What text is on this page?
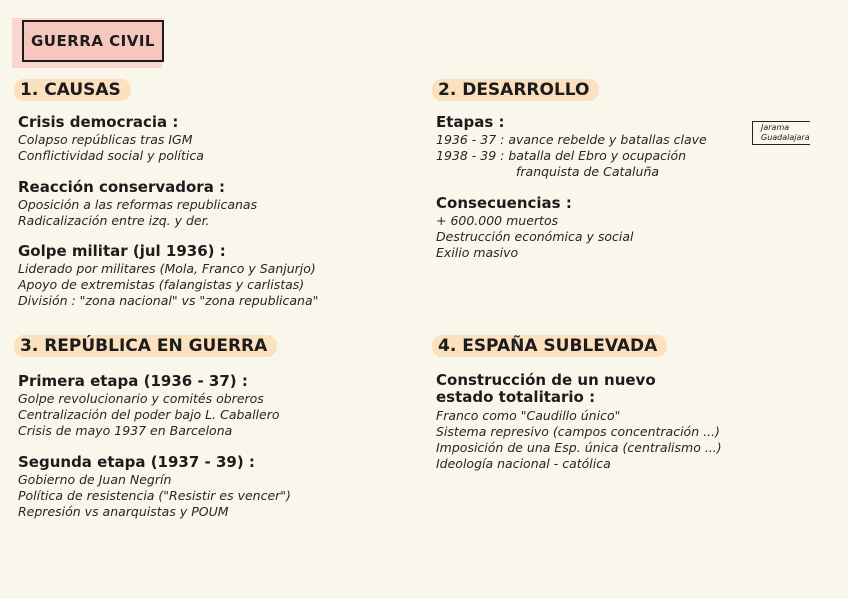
GUERRA CIVIL
1. CAUSAS
Crisis democracia :
Colapso repúblicas tras IGM
Conflictividad social y política
Reacción conservadora :
Oposición a las reformas republicanas
Radicalización entre izq. y der.
Golpe militar (jul 1936) :
Liderado por militares (Mola, Franco y Sanjurjo)
Apoyo de extremistas (falangistas y carlistas)
División : "zona nacional" vs "zona republicana"
2. DESARROLLO
Etapas :
1936 - 37 : avance rebelde y batallas clave
1938 - 39 : batalla del Ebro y ocupación
franquista de Cataluña
Jarama
Guadalajara
Consecuencias :
+ 600.000 muertos
Destrucción económica y social
Exilio masivo
3. REPÚBLICA EN GUERRA
Primera etapa (1936 - 37) :
Golpe revolucionario y comités obreros
Centralización del poder bajo L. Caballero
Crisis de mayo 1937 en Barcelona
Segunda etapa (1937 - 39) :
Gobierno de Juan Negrín
Política de resistencia ("Resistir es vencer")
Represión vs anarquistas y POUM
4. ESPAÑA SUBLEVADA
Construcción de un nuevo
estado totalitario :
Franco como "Caudillo único"
Sistema represivo (campos concentración ...)
Imposición de una Esp. única (centralismo ...)
Ideología nacional - católica
